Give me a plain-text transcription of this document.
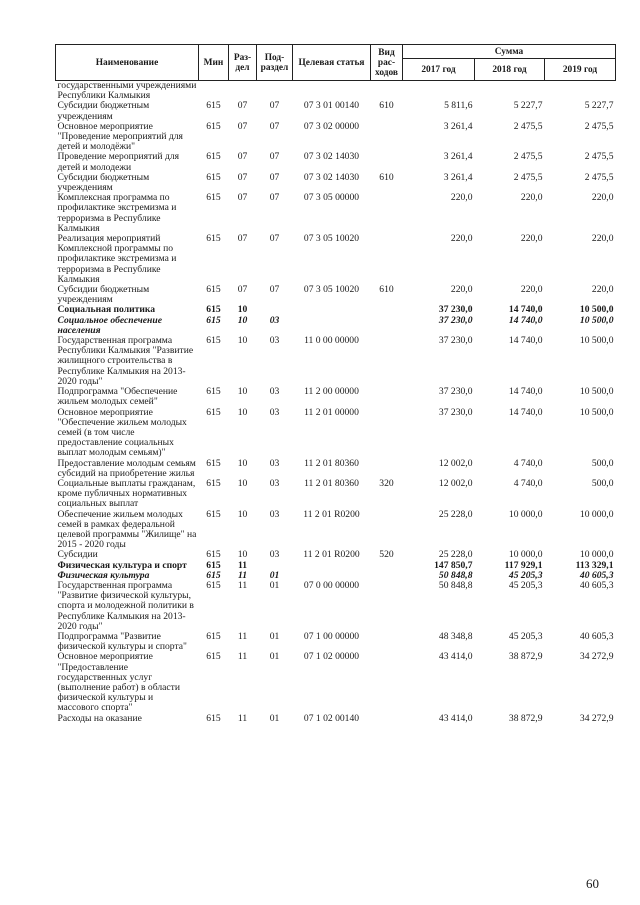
Наименование	Мин	Раз-дел	Под-раздел	Целевая статья	Вид рас-ходов	Сумма		
						2017 год	2018 год	2019 год
государственными учреждениями Республики Калмыкия								
Субсидии бюджетным учреждениям	615	07	07	07 3 01 00140	610	5 811,6	5 227,7	5 227,7
Основное мероприятие "Проведение мероприятий для детей и молодёжи"	615	07	07	07 3 02 00000		3 261,4	2 475,5	2 475,5
Проведение мероприятий для детей и молодежи	615	07	07	07 3 02 14030		3 261,4	2 475,5	2 475,5
Субсидии бюджетным учреждениям	615	07	07	07 3 02 14030	610	3 261,4	2 475,5	2 475,5
Комплексная программа по профилактике экстремизма и терроризма в Республике Калмыкия	615	07	07	07 3 05 00000		220,0	220,0	220,0
Реализация мероприятий Комплексной программы по профилактике экстремизма и терроризма в Республике Калмыкия	615	07	07	07 3 05 10020		220,0	220,0	220,0
Субсидии бюджетным учреждениям	615	07	07	07 3 05 10020	610	220,0	220,0	220,0
Социальная политика	615	10				37 230,0	14 740,0	10 500,0
Социальное обеспечение населения	615	10	03			37 230,0	14 740,0	10 500,0
Государственная программа Республики Калмыкия "Развитие жилищного строительства в Республике Калмыкия на 2013-2020 годы"	615	10	03	11 0 00 00000		37 230,0	14 740,0	10 500,0
Подпрограмма "Обеспечение жильем молодых семей"	615	10	03	11 2 00 00000		37 230,0	14 740,0	10 500,0
Основное мероприятие "Обеспечение жильем молодых семей (в том числе предоставление социальных выплат молодым семьям)"	615	10	03	11 2 01 00000		37 230,0	14 740,0	10 500,0
Предоставление молодым семьям субсидий на приобретение жилья	615	10	03	11 2 01 80360		12 002,0	4 740,0	500,0
Социальные выплаты гражданам, кроме публичных нормативных социальных выплат	615	10	03	11 2 01 80360	320	12 002,0	4 740,0	500,0
Обеспечение жильем молодых семей в рамках федеральной целевой программы "Жилище" на 2015 - 2020 годы	615	10	03	11 2 01 R0200		25 228,0	10 000,0	10 000,0
Субсидии	615	10	03	11 2 01 R0200	520	25 228,0	10 000,0	10 000,0
Физическая культура и спорт	615	11				147 850,7	117 929,1	113 329,1
Физическая культура	615	11	01			50 848,8	45 205,3	40 605,3
Государственная программа "Развитие физической культуры, спорта и молодежной политики в Республике Калмыкия на 2013-2020 годы"	615	11	01	07 0 00 00000		50 848,8	45 205,3	40 605,3
Подпрограмма "Развитие физической культуры и спорта"	615	11	01	07 1 00 00000		48 348,8	45 205,3	40 605,3
Основное мероприятие "Предоставление государственных услуг (выполнение работ) в области физической культуры и массового спорта"	615	11	01	07 1 02 00000		43 414,0	38 872,9	34 272,9
Расходы на оказание	615	11	01	07 1 02 00140		43 414,0	38 872,9	34 272,9
60
